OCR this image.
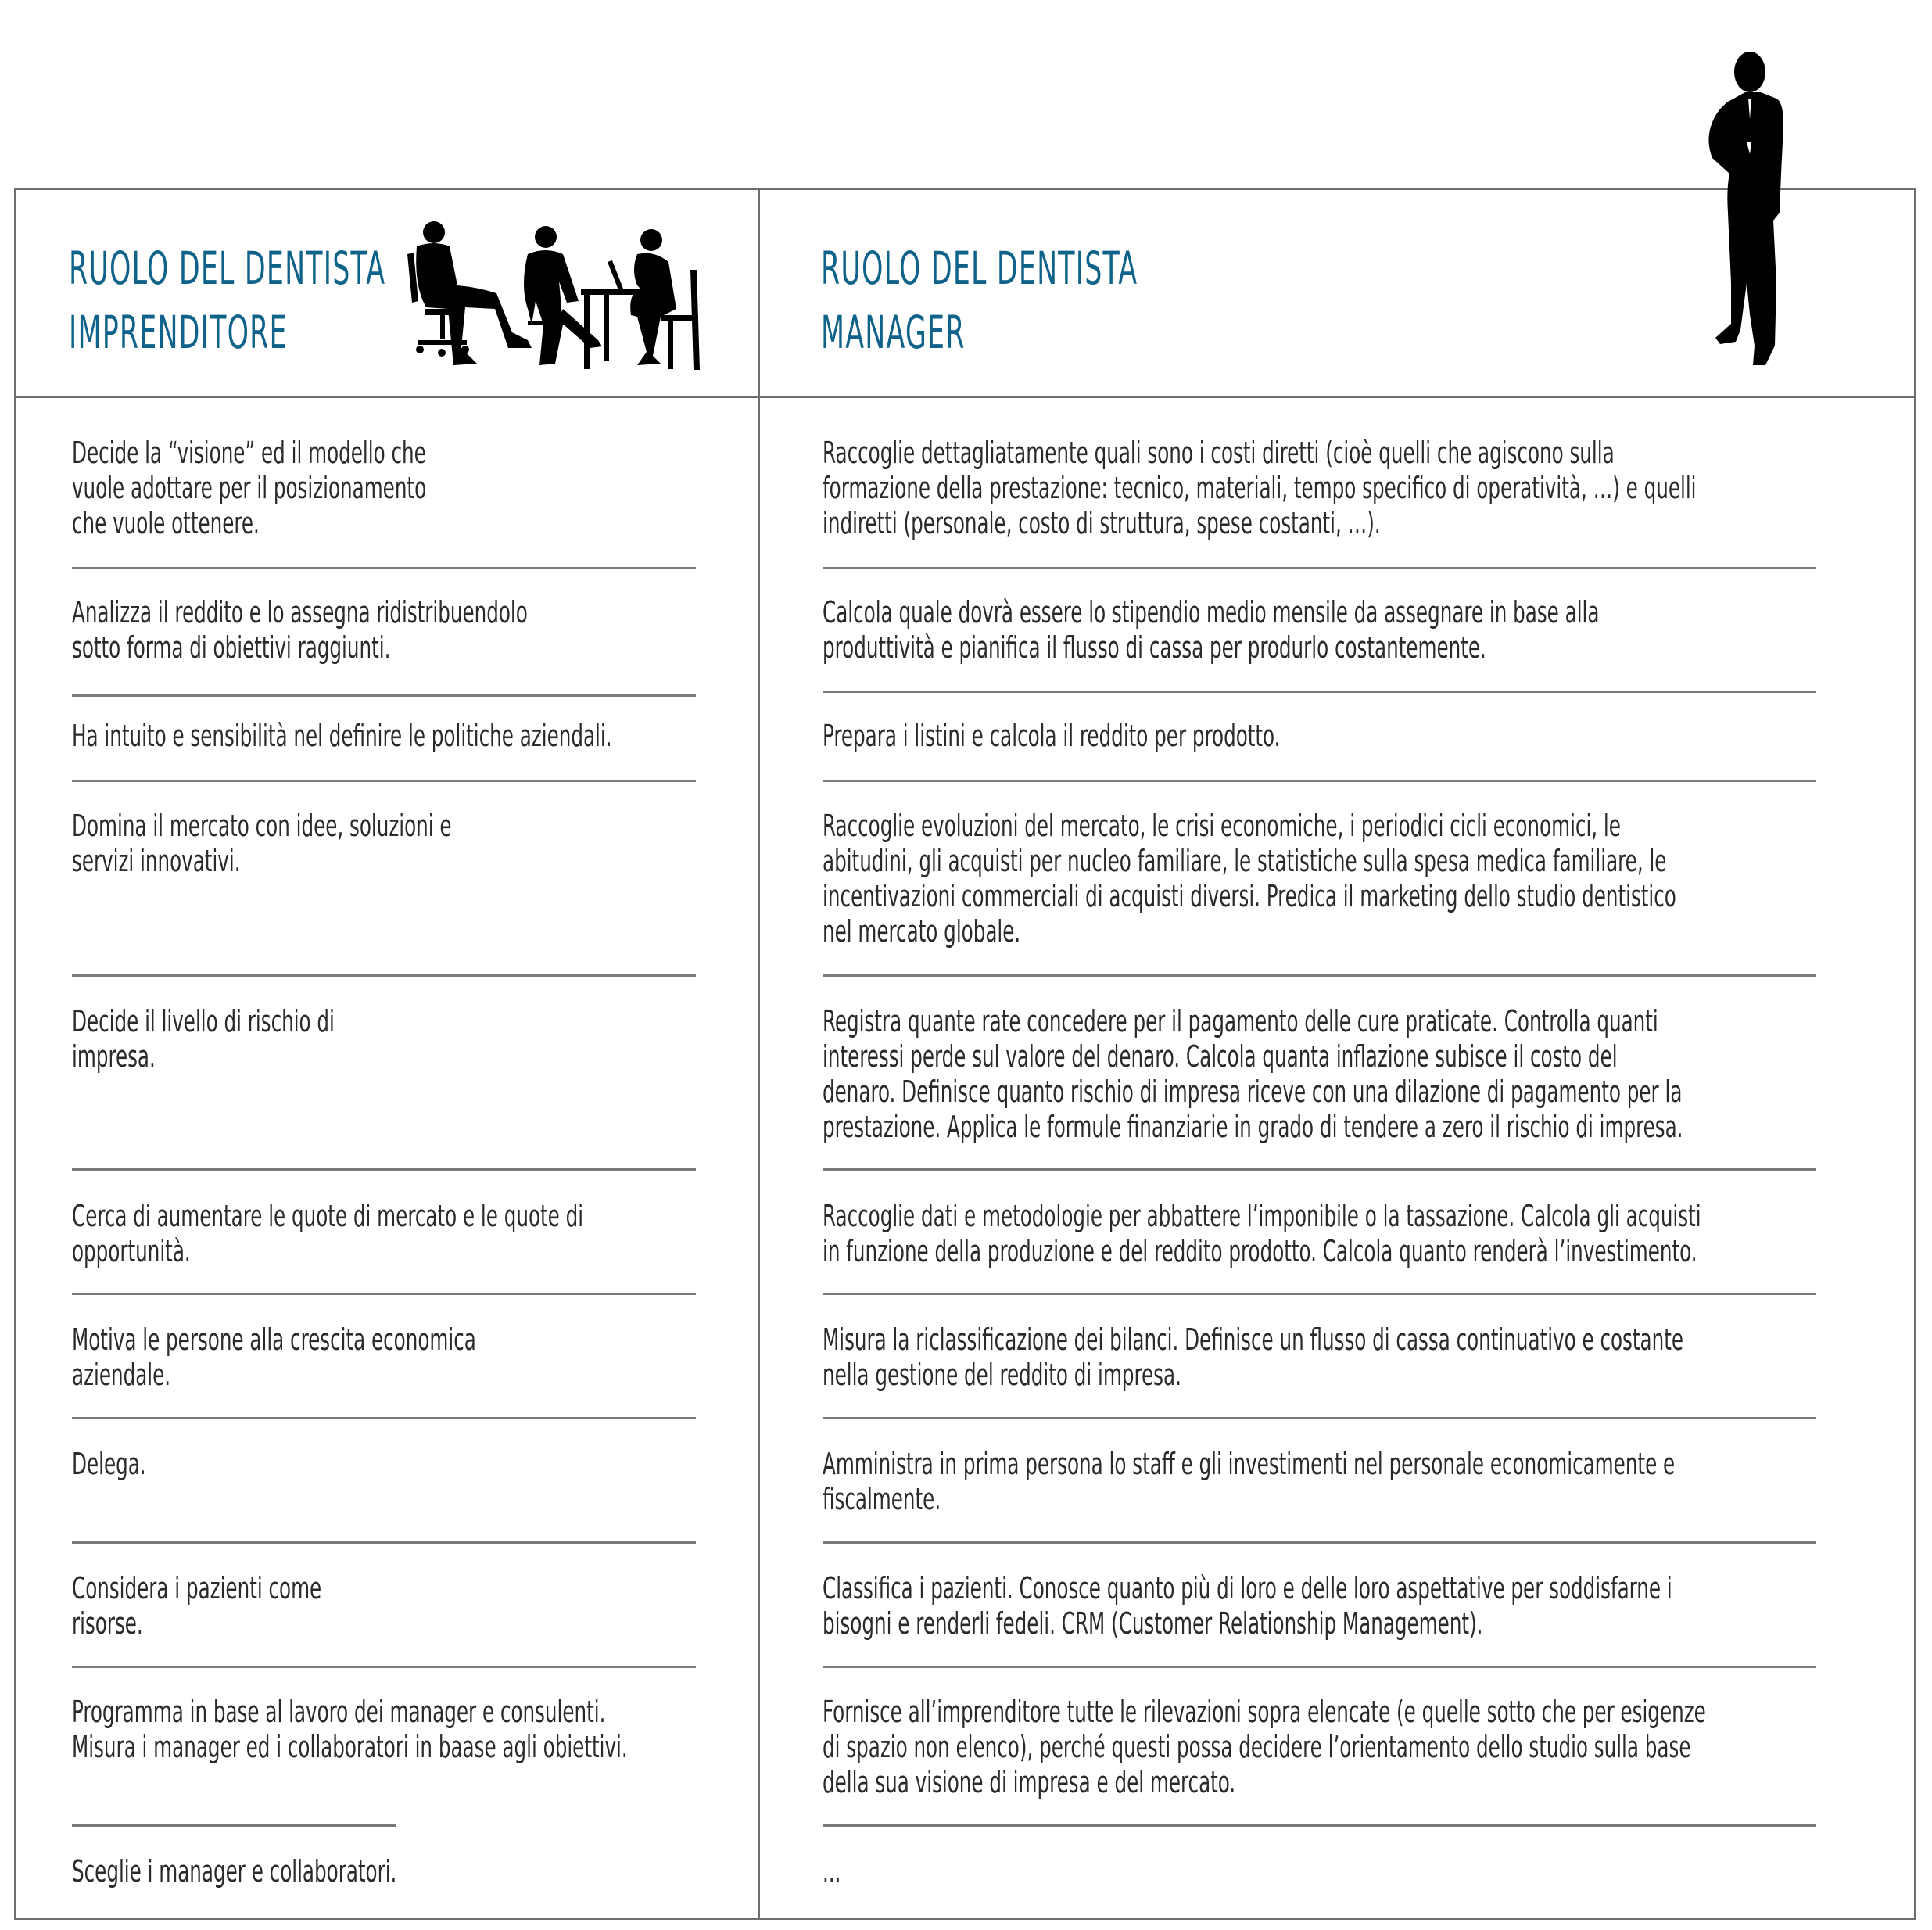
RUOLO DEL DENTISTA
IMPRENDITORE
RUOLO DEL DENTISTA
MANAGER
Decide la “visione” ed il modello che
vuole adottare per il posizionamento
che vuole ottenere.
Analizza il reddito e lo assegna ridistribuendolo
sotto forma di obiettivi raggiunti.
Ha intuito e sensibilità nel definire le politiche aziendali.
Domina il mercato con idee, soluzioni e
servizi innovativi.
Decide il livello di rischio di
impresa.
Cerca di aumentare le quote di mercato e le quote di
opportunità.
Motiva le persone alla crescita economica
aziendale.
Delega.
Considera i pazienti come
risorse.
Programma in base al lavoro dei manager e consulenti.
Misura i manager ed i collaboratori in baase agli obiettivi.
Sceglie i manager e collaboratori.
Raccoglie dettagliatamente quali sono i costi diretti (cioè quelli che agiscono sulla
formazione della prestazione: tecnico, materiali, tempo specifico di operatività, …) e quelli
indiretti (personale, costo di struttura, spese costanti, …).
Calcola quale dovrà essere lo stipendio medio mensile da assegnare in base alla
produttività e pianifica il flusso di cassa per produrlo costantemente.
Prepara i listini e calcola il reddito per prodotto.
Raccoglie evoluzioni del mercato, le crisi economiche, i periodici cicli economici, le
abitudini, gli acquisti per nucleo familiare, le statistiche sulla spesa medica familiare, le
incentivazioni commerciali di acquisti diversi. Predica il marketing dello studio dentistico
nel mercato globale.
Registra quante rate concedere per il pagamento delle cure praticate. Controlla quanti
interessi perde sul valore del denaro. Calcola quanta inflazione subisce il costo del
denaro. Definisce quanto rischio di impresa riceve con una dilazione di pagamento per la
prestazione. Applica le formule finanziarie in grado di tendere a zero il rischio di impresa.
Raccoglie dati e metodologie per abbattere l’imponibile o la tassazione. Calcola gli acquisti
in funzione della produzione e del reddito prodotto. Calcola quanto renderà l’investimento.
Misura la riclassificazione dei bilanci. Definisce un flusso di cassa continuativo e costante
nella gestione del reddito di impresa.
Amministra in prima persona lo staff e gli investimenti nel personale economicamente e
fiscalmente.
Classifica i pazienti. Conosce quanto più di loro e delle loro aspettative per soddisfarne i
bisogni e renderli fedeli. CRM (Customer Relationship Management).
Fornisce all’imprenditore tutte le rilevazioni sopra elencate (e quelle sotto che per esigenze
di spazio non elenco), perché questi possa decidere l’orientamento dello studio sulla base
della sua visione di impresa e del mercato.
...
